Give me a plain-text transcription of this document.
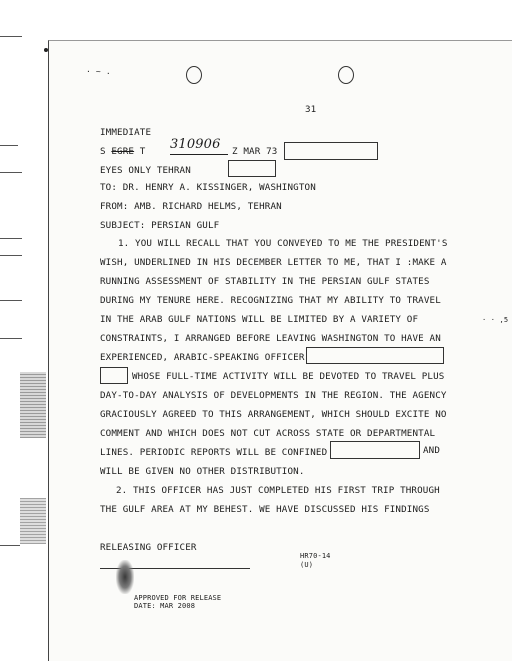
· ~ .
31
IMMEDIATE
S EGRE T 310906 Z MAR 73
EYES ONLY TEHRAN
TO: DR. HENRY A. KISSINGER, WASHINGTON
FROM: AMB. RICHARD HELMS, TEHRAN
SUBJECT: PERSIAN GULF
1. YOU WILL RECALL THAT YOU CONVEYED TO ME THE PRESIDENT'S
WISH, UNDERLINED IN HIS DECEMBER LETTER TO ME, THAT I :MAKE A
RUNNING ASSESSMENT OF STABILITY IN THE PERSIAN GULF STATES
DURING MY TENURE HERE. RECOGNIZING THAT MY ABILITY TO TRAVEL
IN THE ARAB GULF NATIONS WILL BE LIMITED BY A VARIETY OF
CONSTRAINTS, I ARRANGED BEFORE LEAVING WASHINGTON TO HAVE AN
EXPERIENCED, ARABIC-SPEAKING OFFICER
WHOSE FULL-TIME ACTIVITY WILL BE DEVOTED TO TRAVEL PLUS
DAY-TO-DAY ANALYSIS OF DEVELOPMENTS IN THE REGION. THE AGENCY
GRACIOUSLY AGREED TO THIS ARRANGEMENT, WHICH SHOULD EXCITE NO
COMMENT AND WHICH DOES NOT CUT ACROSS STATE OR DEPARTMENTAL
LINES. PERIODIC REPORTS WILL BE CONFINED	AND
WILL BE GIVEN NO OTHER DISTRIBUTION.
2. THIS OFFICER HAS JUST COMPLETED HIS FIRST TRIP THROUGH
THE GULF AREA AT MY BEHEST. WE HAVE DISCUSSED HIS FINDINGS
RELEASING OFFICER
HR70-14
(U)
APPROVED FOR RELEASE
DATE: MAR 2008
· · ,5
